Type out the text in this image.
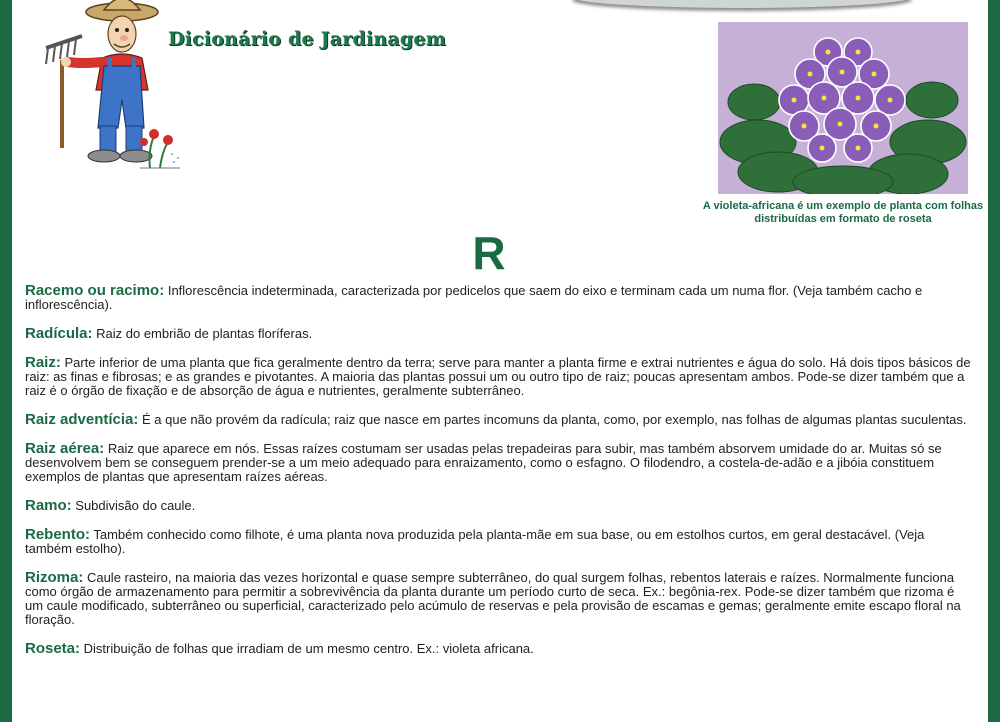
Dicionário de Jardinagem
A violeta-africana é um exemplo de planta com folhas distribuídas em formato de roseta
R

Racemo ou racimo: Inflorescência indeterminada, caracterizada por pedicelos que saem do eixo e terminam cada um numa flor. (Veja também cacho e inflorescência).

Radícula: Raiz do embrião de plantas floríferas.

Raiz: Parte inferior de uma planta que fica geralmente dentro da terra; serve para manter a planta firme e extrai nutrientes e água do solo. Há dois tipos básicos de raiz: as finas e fibrosas; e as grandes e pivotantes. A maioria das plantas possui um ou outro tipo de raiz; poucas apresentam ambos. Pode-se dizer também que a raiz é o órgão de fixação e de absorção de água e nutrientes, geralmente subterrâneo.

Raiz adventícia: É a que não provém da radícula; raiz que nasce em partes incomuns da planta, como, por exemplo, nas folhas de algumas plantas suculentas.

Raiz aérea: Raiz que aparece em nós. Essas raízes costumam ser usadas pelas trepadeiras para subir, mas também absorvem umidade do ar. Muitas só se desenvolvem bem se conseguem prender-se a um meio adequado para enraizamento, como o esfagno. O filodendro, a costela-de-adão e a jibóia constituem exemplos de plantas que apresentam raízes aéreas.

Ramo: Subdivisão do caule.

Rebento: Também conhecido como filhote, é uma planta nova produzida pela planta-mãe em sua base, ou em estolhos curtos, em geral destacável. (Veja também estolho).

Rizoma: Caule rasteiro, na maioria das vezes horizontal e quase sempre subterrâneo, do qual surgem folhas, rebentos laterais e raízes. Normalmente funciona como órgão de armazenamento para permitir a sobrevivência da planta durante um período curto de seca. Ex.: begônia-rex. Pode-se dizer também que rizoma é um caule modificado, subterrâneo ou superficial, caracterizado pelo acúmulo de reservas e pela provisão de escamas e gemas; geralmente emite escapo floral na floração.

Roseta: Distribuição de folhas que irradiam de um mesmo centro. Ex.: violeta africana.
